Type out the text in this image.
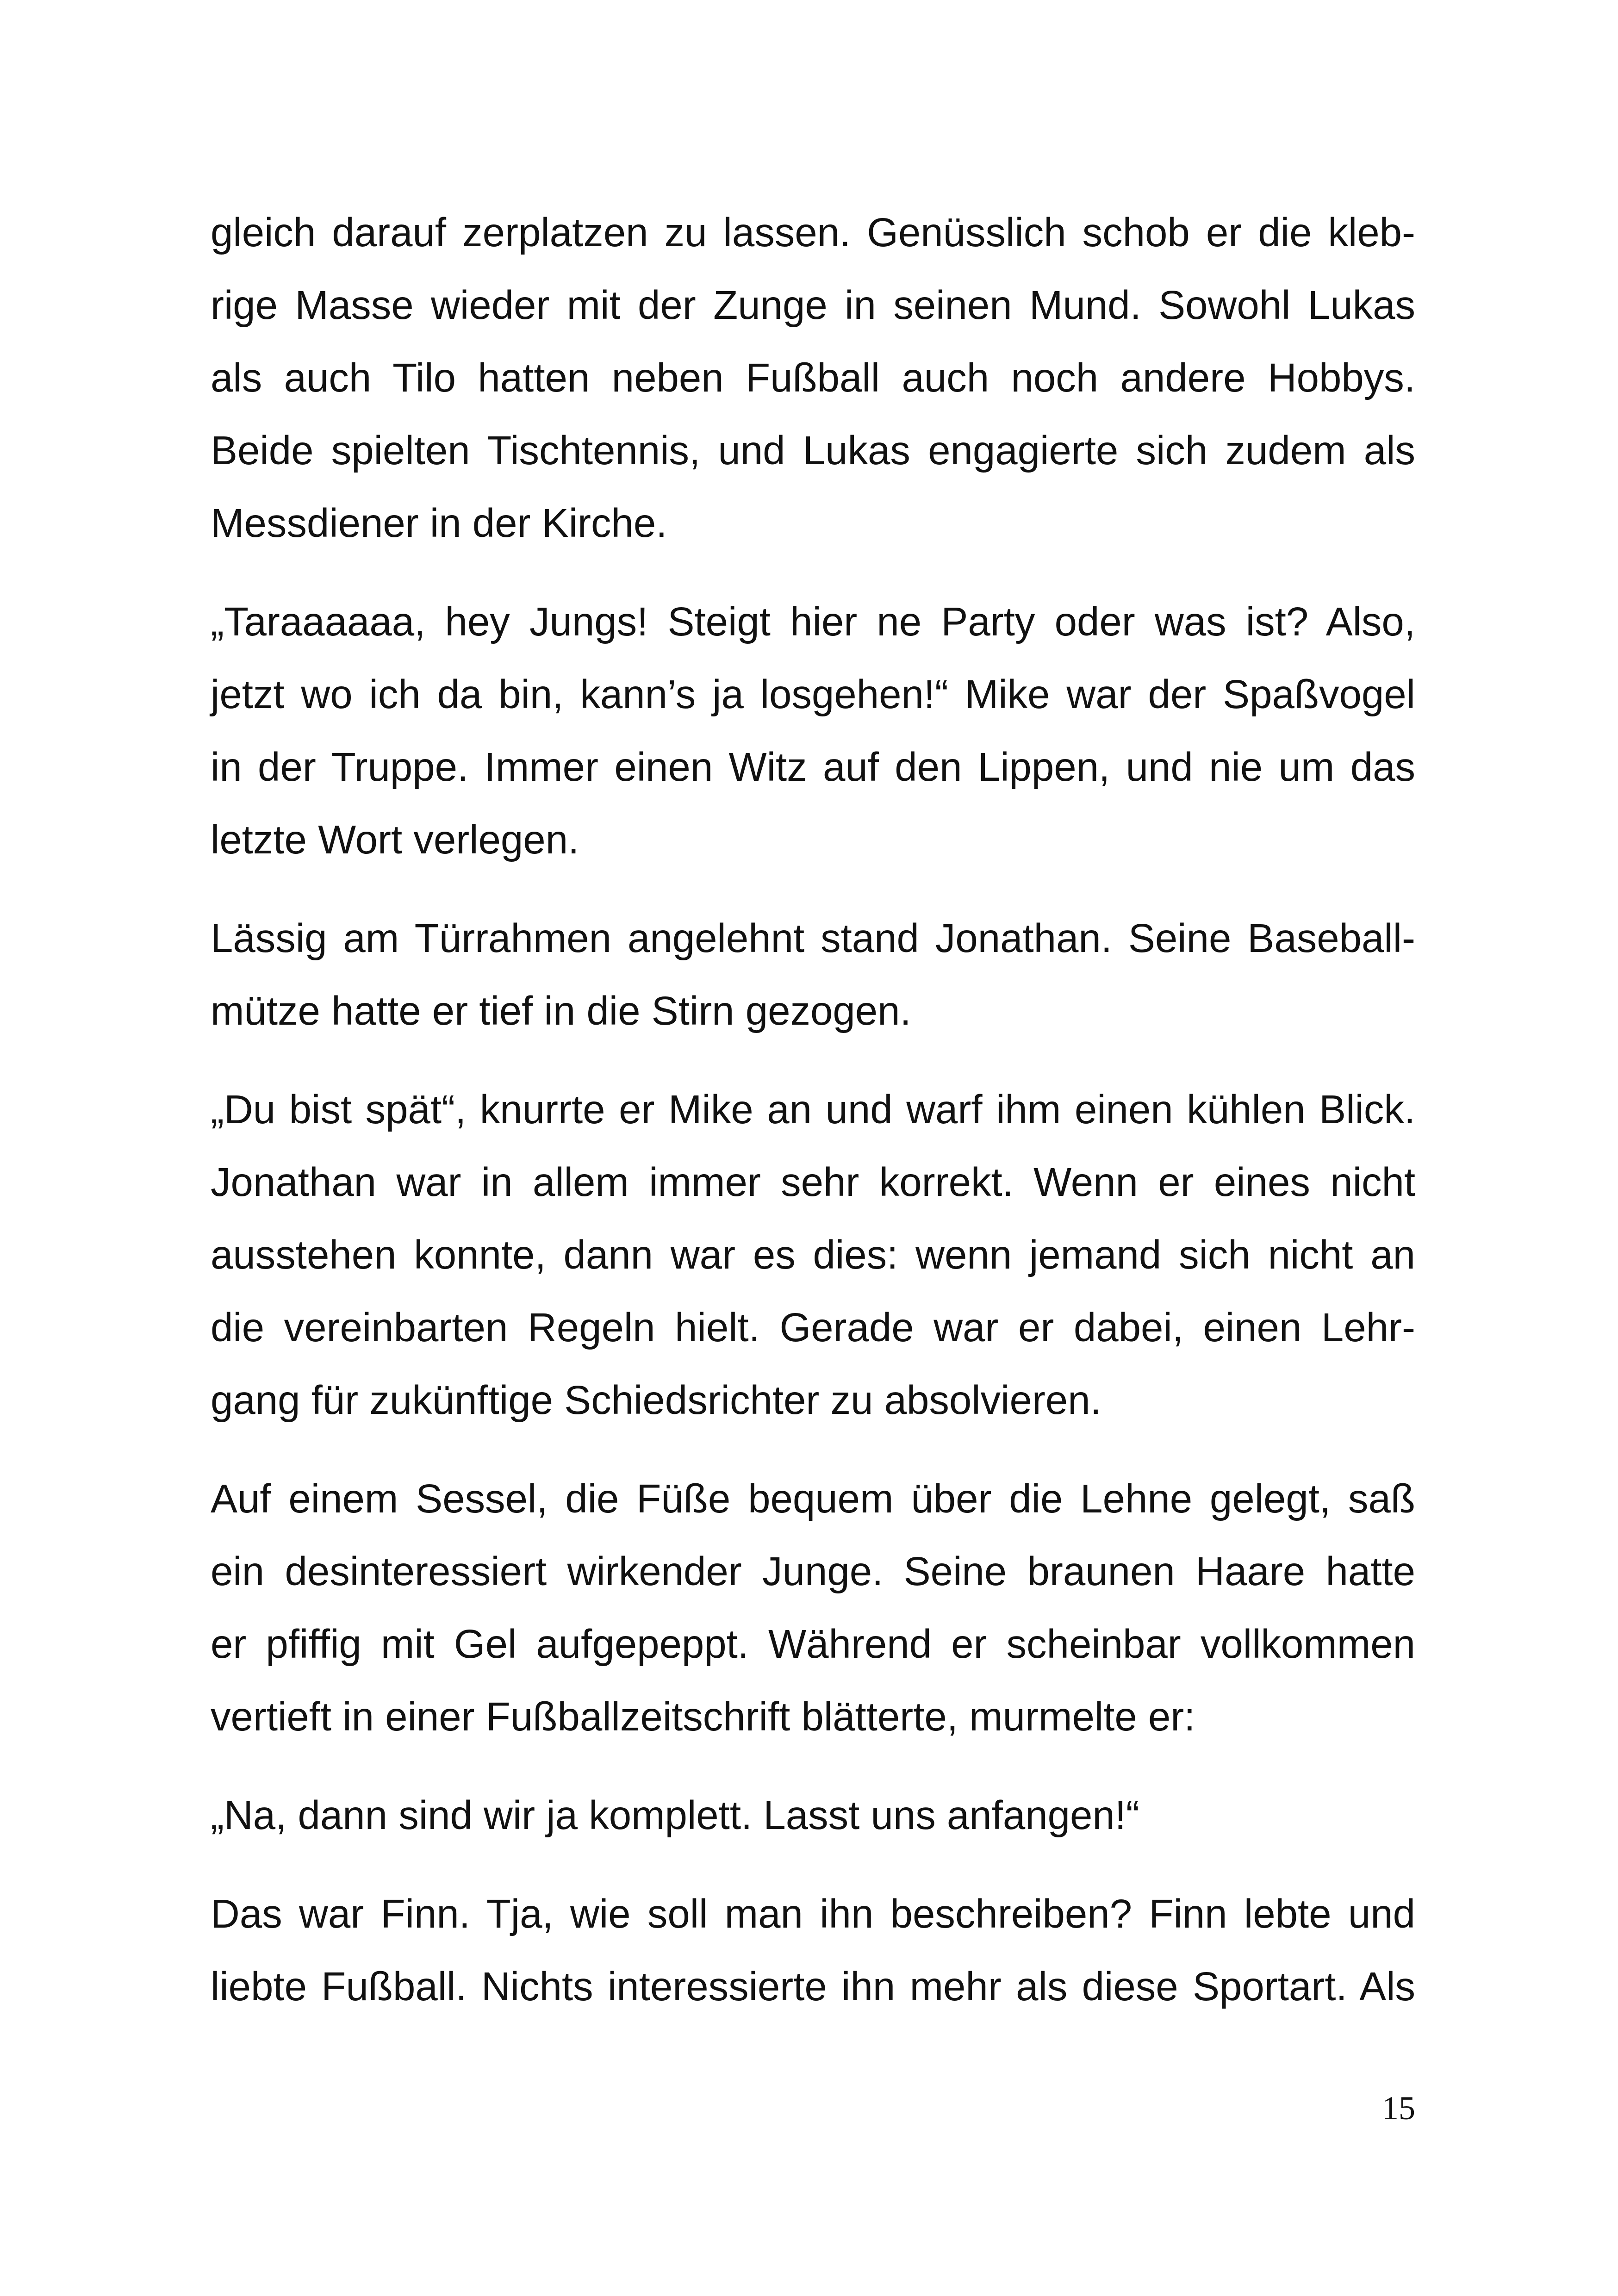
gleich darauf zerplatzen zu lassen. Genüsslich schob er die kleb-
rige Masse wieder mit der Zunge in seinen Mund. Sowohl Lukas
als auch Tilo hatten neben Fußball auch noch andere Hobbys.
Beide spielten Tischtennis, und Lukas engagierte sich zudem als
Messdiener in der Kirche.

„Taraaaaaa, hey Jungs! Steigt hier ne Party oder was ist? Also,
jetzt wo ich da bin, kann’s ja losgehen!“ Mike war der Spaßvogel
in der Truppe. Immer einen Witz auf den Lippen, und nie um das
letzte Wort verlegen.

Lässig am Türrahmen angelehnt stand Jonathan. Seine Baseball-
mütze hatte er tief in die Stirn gezogen.

„Du bist spät“, knurrte er Mike an und warf ihm einen kühlen Blick.
Jonathan war in allem immer sehr korrekt. Wenn er eines nicht
ausstehen konnte, dann war es dies: wenn jemand sich nicht an
die vereinbarten Regeln hielt. Gerade war er dabei, einen Lehr-
gang für zukünftige Schiedsrichter zu absolvieren.

Auf einem Sessel, die Füße bequem über die Lehne gelegt, saß
ein desinteressiert wirkender Junge. Seine braunen Haare hatte
er pfiffig mit Gel aufgepeppt. Während er scheinbar vollkommen
vertieft in einer Fußballzeitschrift blätterte, murmelte er:

„Na, dann sind wir ja komplett. Lasst uns anfangen!“

Das war Finn. Tja, wie soll man ihn beschreiben? Finn lebte und
liebte Fußball. Nichts interessierte ihn mehr als diese Sportart. Als

15
